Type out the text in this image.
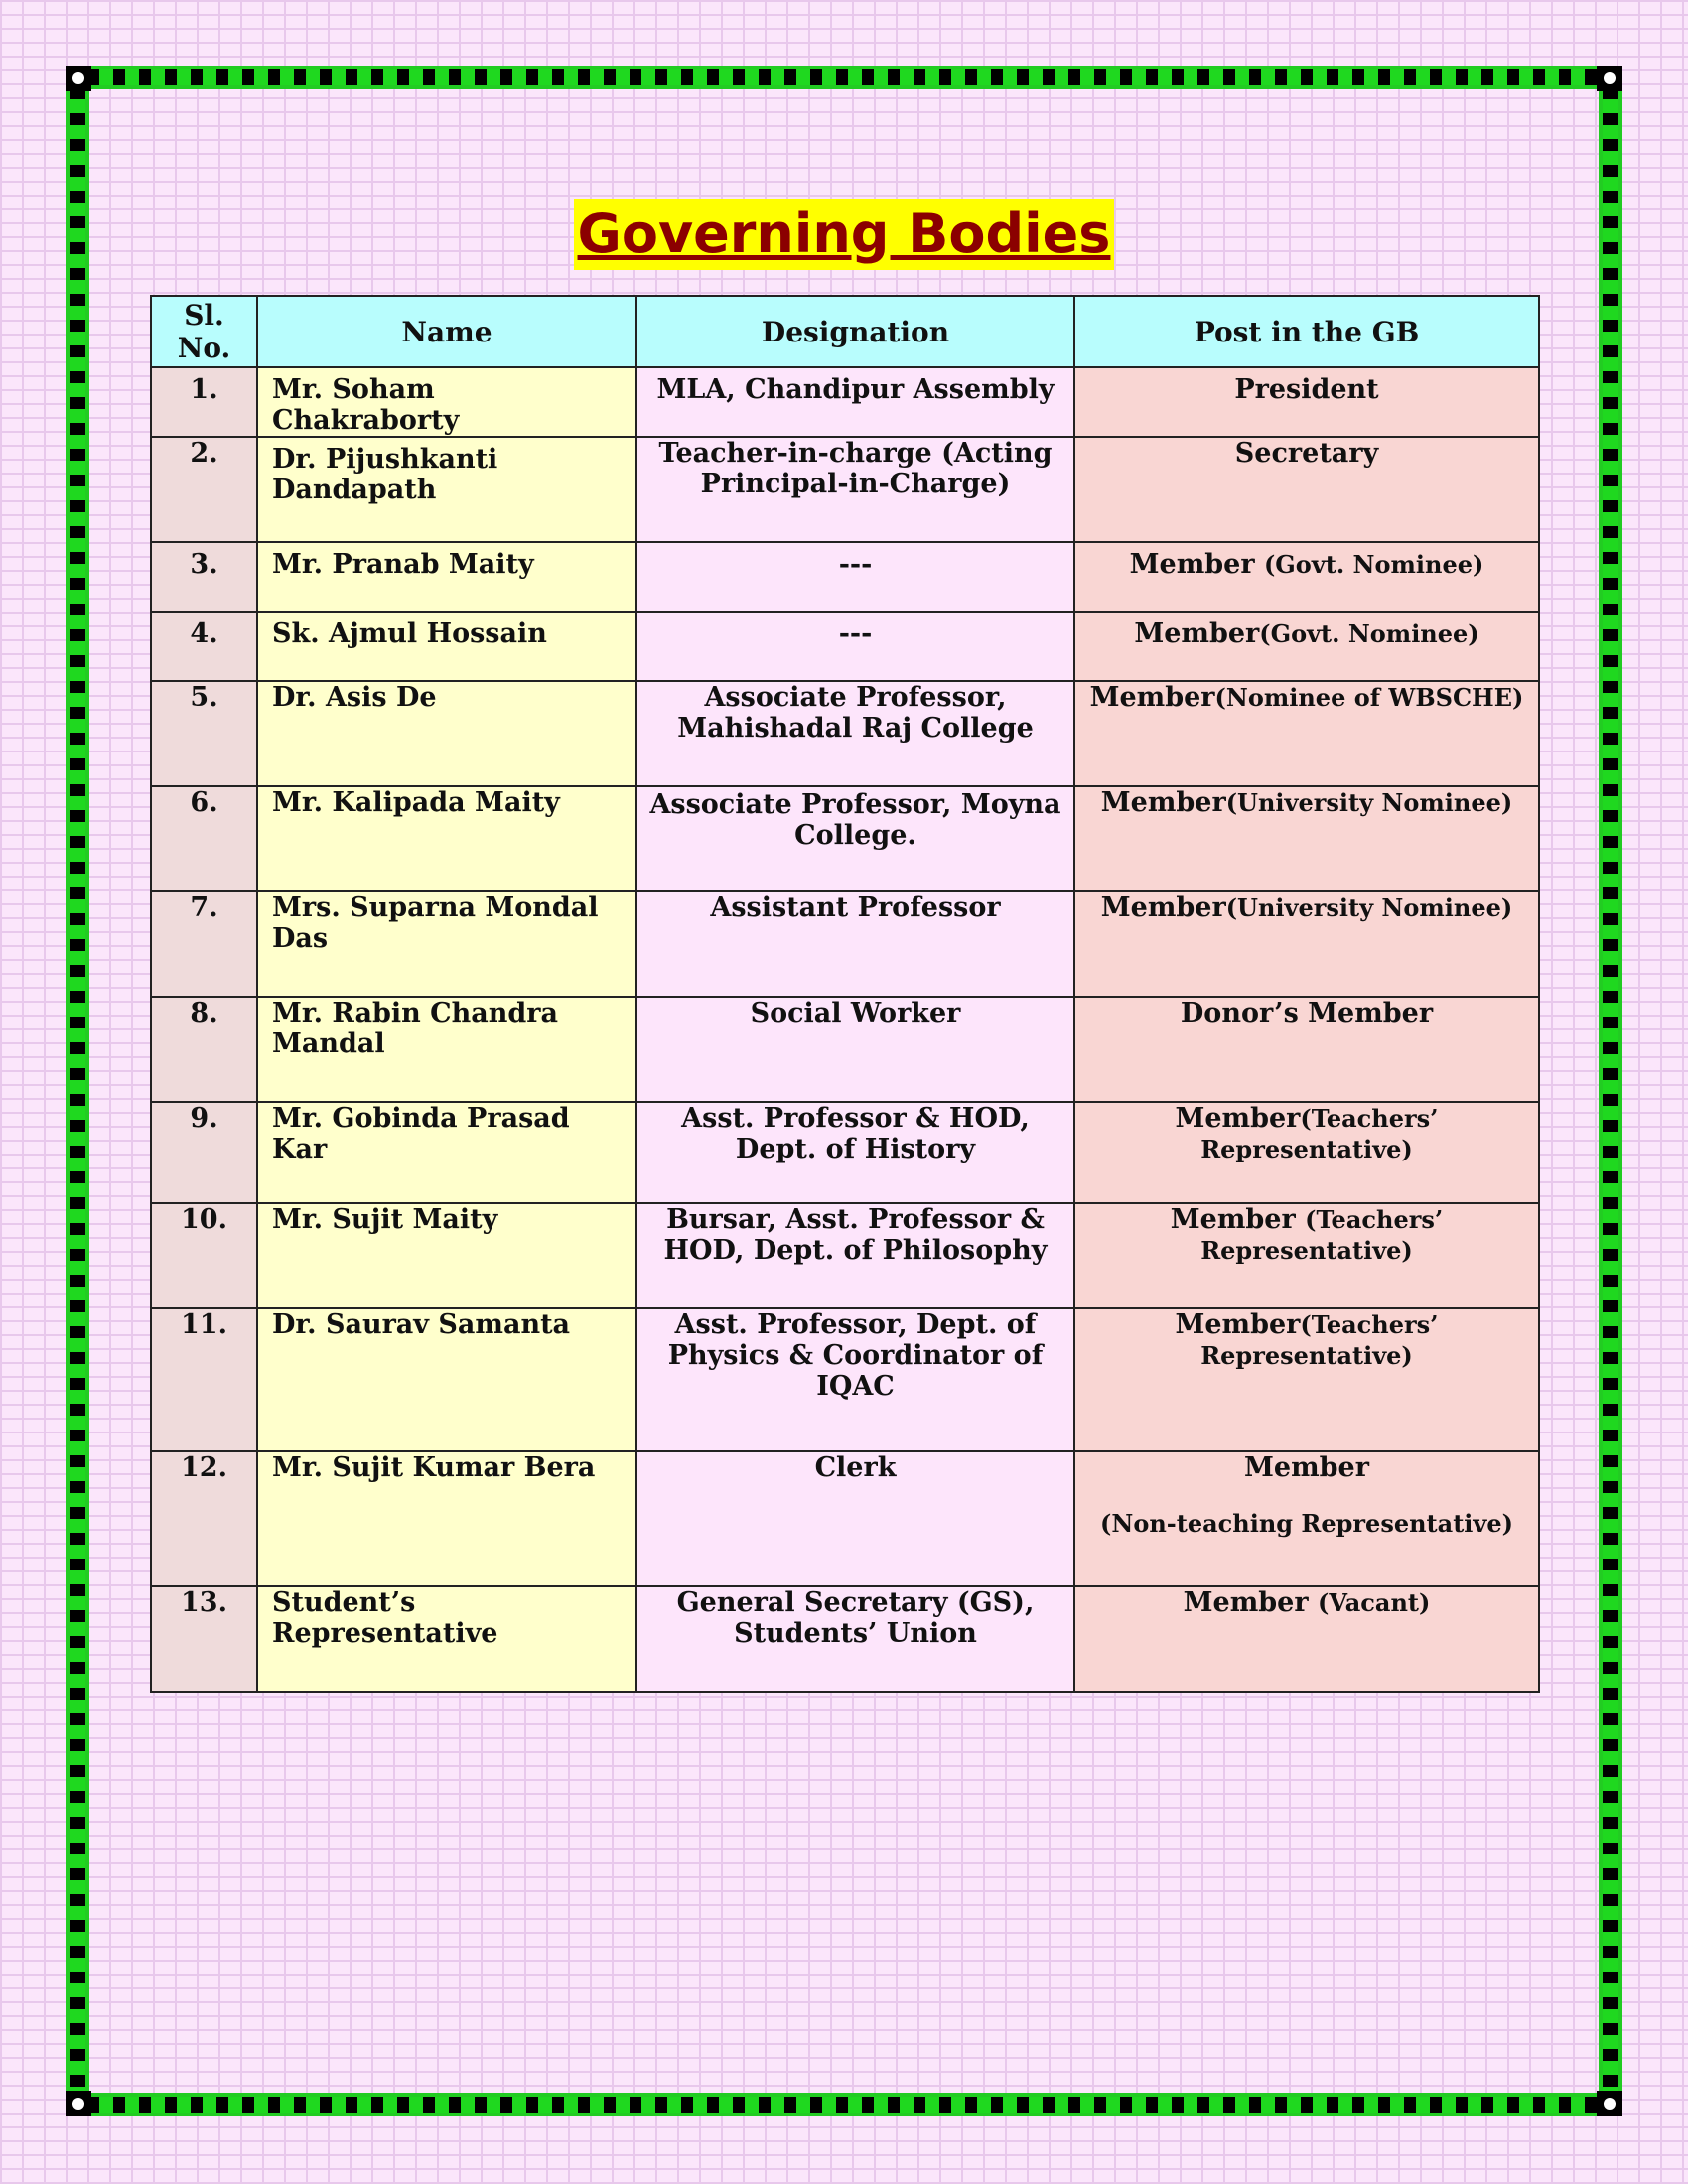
Governing Bodies
Sl. No.	Name	Designation	Post in the GB
1.	Mr. Soham Chakraborty	MLA, Chandipur Assembly	President
2.	Dr. Pijushkanti Dandapath	Teacher-in-charge (Acting Principal-in-Charge)	Secretary
3.	Mr. Pranab Maity	---	Member (Govt. Nominee)
4.	Sk. Ajmul Hossain	---	Member(Govt. Nominee)
5.	Dr. Asis De	Associate Professor, Mahishadal Raj College	Member(Nominee of WBSCHE)
6.	Mr. Kalipada Maity	Associate Professor, Moyna College.	Member(University Nominee)
7.	Mrs. Suparna Mondal Das	Assistant Professor	Member(University Nominee)
8.	Mr. Rabin Chandra Mandal	Social Worker	Donor’s Member
9.	Mr. Gobinda Prasad Kar	Asst. Professor & HOD, Dept. of History	Member(Teachers’ Representative)
10.	Mr. Sujit Maity	Bursar, Asst. Professor & HOD, Dept. of Philosophy	Member (Teachers’ Representative)
11.	Dr. Saurav Samanta	Asst. Professor, Dept. of Physics & Coordinator of IQAC	Member(Teachers’ Representative)
12.	Mr. Sujit Kumar Bera	Clerk	Member
(Non-teaching Representative)

13.	Student’s Representative	General Secretary (GS), Students’ Union	Member (Vacant)
